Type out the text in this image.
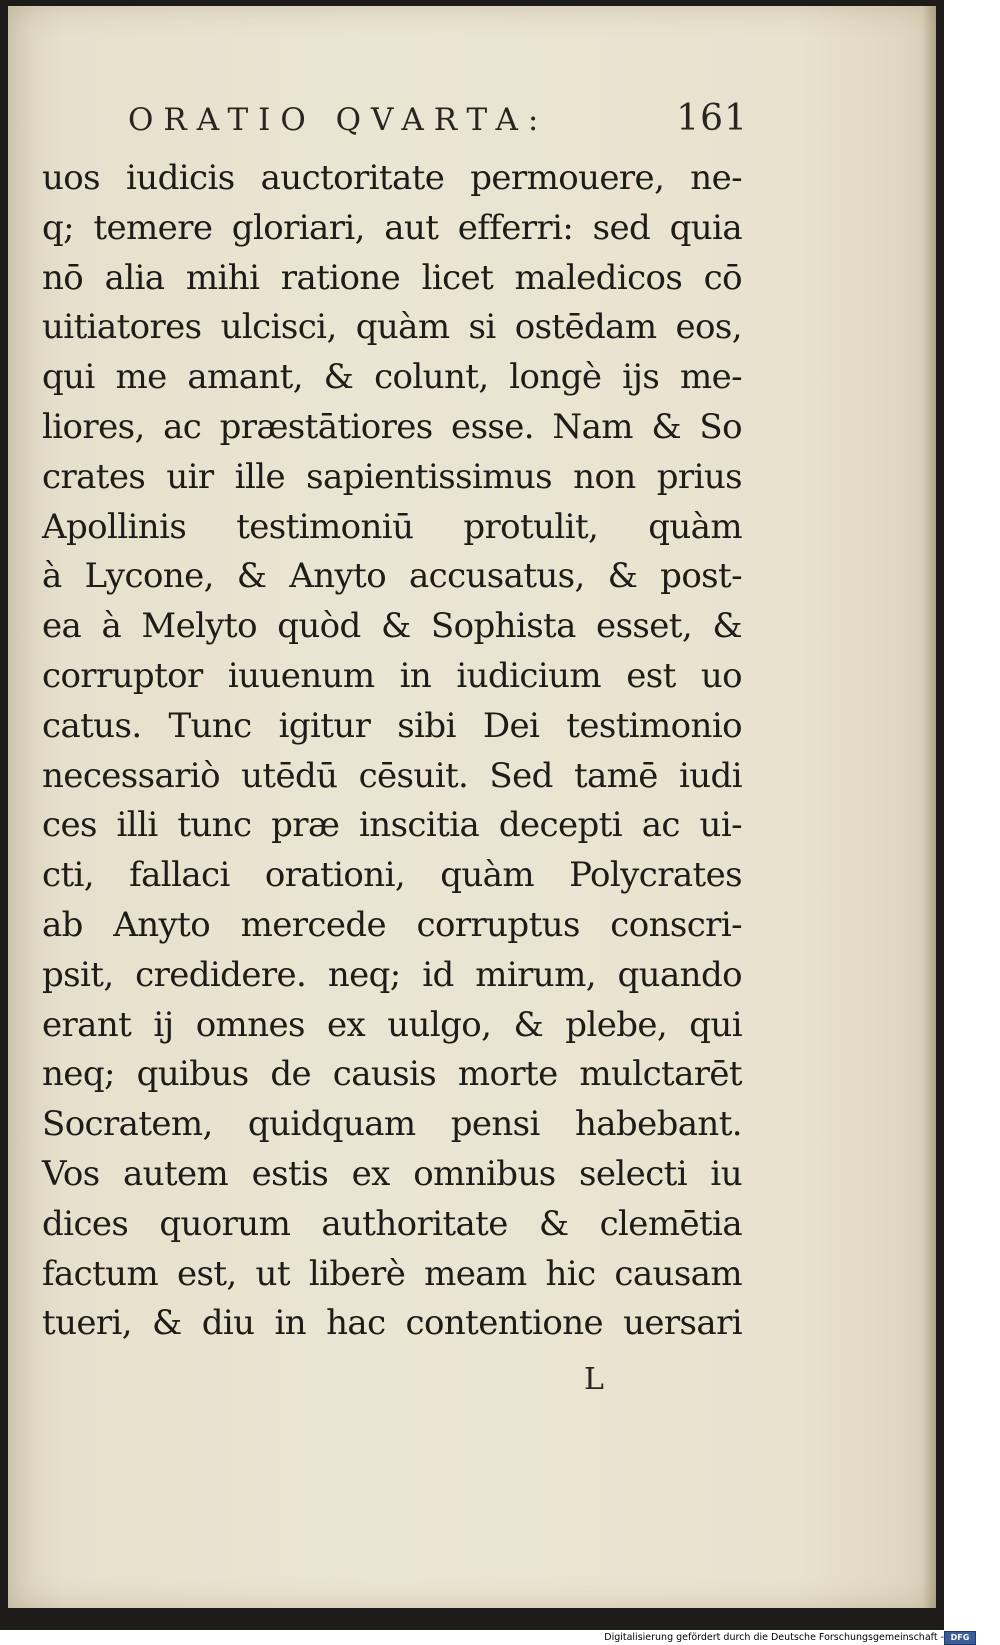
ORATIO QVARTA:	161
uos iudicis auctoritate permouere, ne-
q; temere gloriari, aut efferri: sed quia
nō alia mihi ratione licet maledicos cō
uitiatores ulcisci, quàm si ostēdam eos,
qui me amant, & colunt, longè ijs me-
liores, ac præstātiores esse. Nam & So
crates uir ille sapientissimus non prius
Apollinis testimoniū protulit, quàm
à Lycone, & Anyto accusatus, & post-
ea à Melyto quòd & Sophista esset, &
corruptor iuuenum in iudicium est uo
catus. Tunc igitur sibi Dei testimonio
necessariò utēdū cēsuit. Sed tamē iudi
ces illi tunc præ inscitia decepti ac ui-
cti, fallaci orationi, quàm Polycrates
ab Anyto mercede corruptus conscri-
psit, credidere. neq; id mirum, quando
erant ij omnes ex uulgo, & plebe, qui
neq; quibus de causis morte mulctarēt
Socratem, quidquam pensi habebant.
Vos autem estis ex omnibus selecti iu
dices quorum authoritate & clemētia
factum est, ut liberè meam hic causam
tueri, & diu in hac contentione uersari
L
Digitalisierung gefördert durch die Deutsche Forschungsgemeinschaft - DFG
